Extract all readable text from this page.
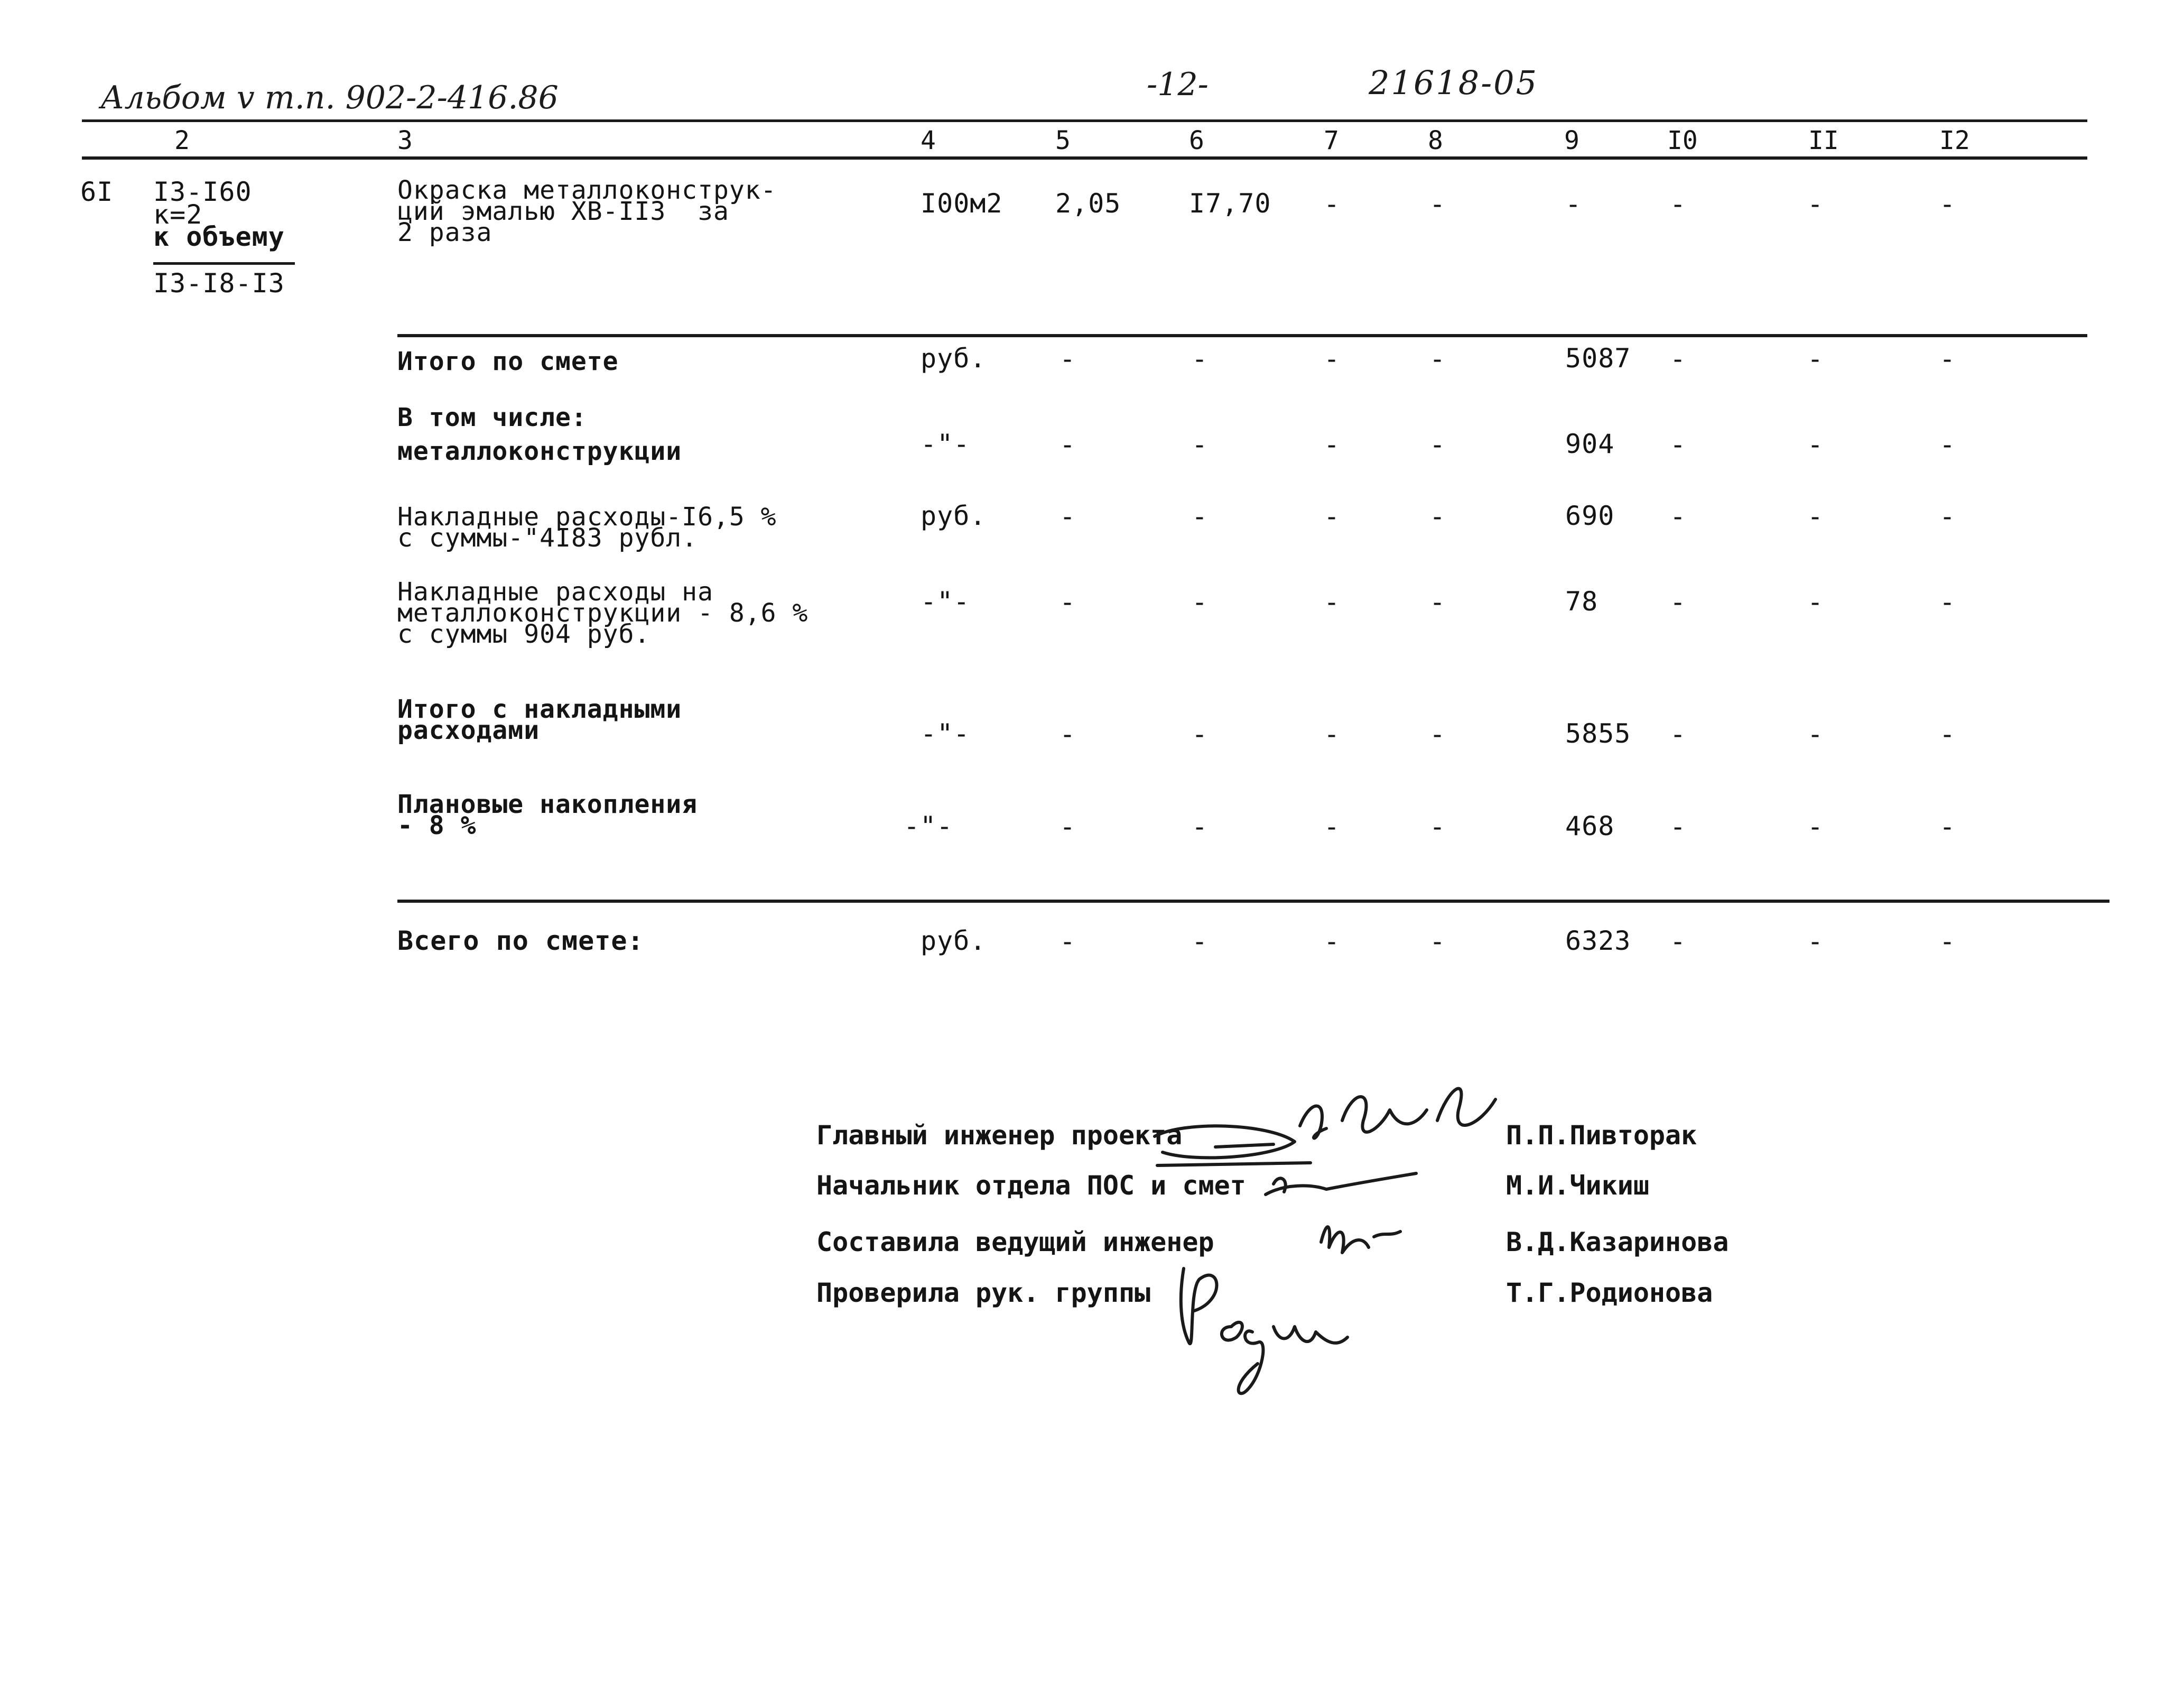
Альбом v т.п. 902-2-416.86	-12-	21618-05
2	3	4	5	6	7	8	9	I0	II	I2
6I I3-I60
к=2
к объему
I3-I8-I3
Окраска металлоконструк-
ций эмалью ХВ-II3  за
2 раза
I00м2 2,05	I7,70 -	-	-	-	-	-
Итого по смете	руб.	-	-	-	-	5087 -	-	-
В том числе:
металлоконструкции	-"-	-	-	-	-	904 -	-	-
Накладные расходы-I6,5 %
с суммы-"4I83 рубл.
руб.	-	-	-	-	690 -	-	-
Накладные расходы на
металлоконструкции - 8,6 %
с суммы 904 руб.
-"-	-	-	-	-	78	-	-	-
Итого с накладными
расходами	-"-	-	-	-	-	5855 -	-	-
Плановые накопления
- 8 %	-"-	-	-	-	-	468 -	-	-
Всего по смете:	руб.	-	-	-	-	6323 -	-	-
Главный инженер проекта	П.П.Пивторак
Начальник отдела ПОС и смет	М.И.Чикиш
Составила ведущий инженер	В.Д.Казаринова
Проверила рук. группы	Т.Г.Родионова
